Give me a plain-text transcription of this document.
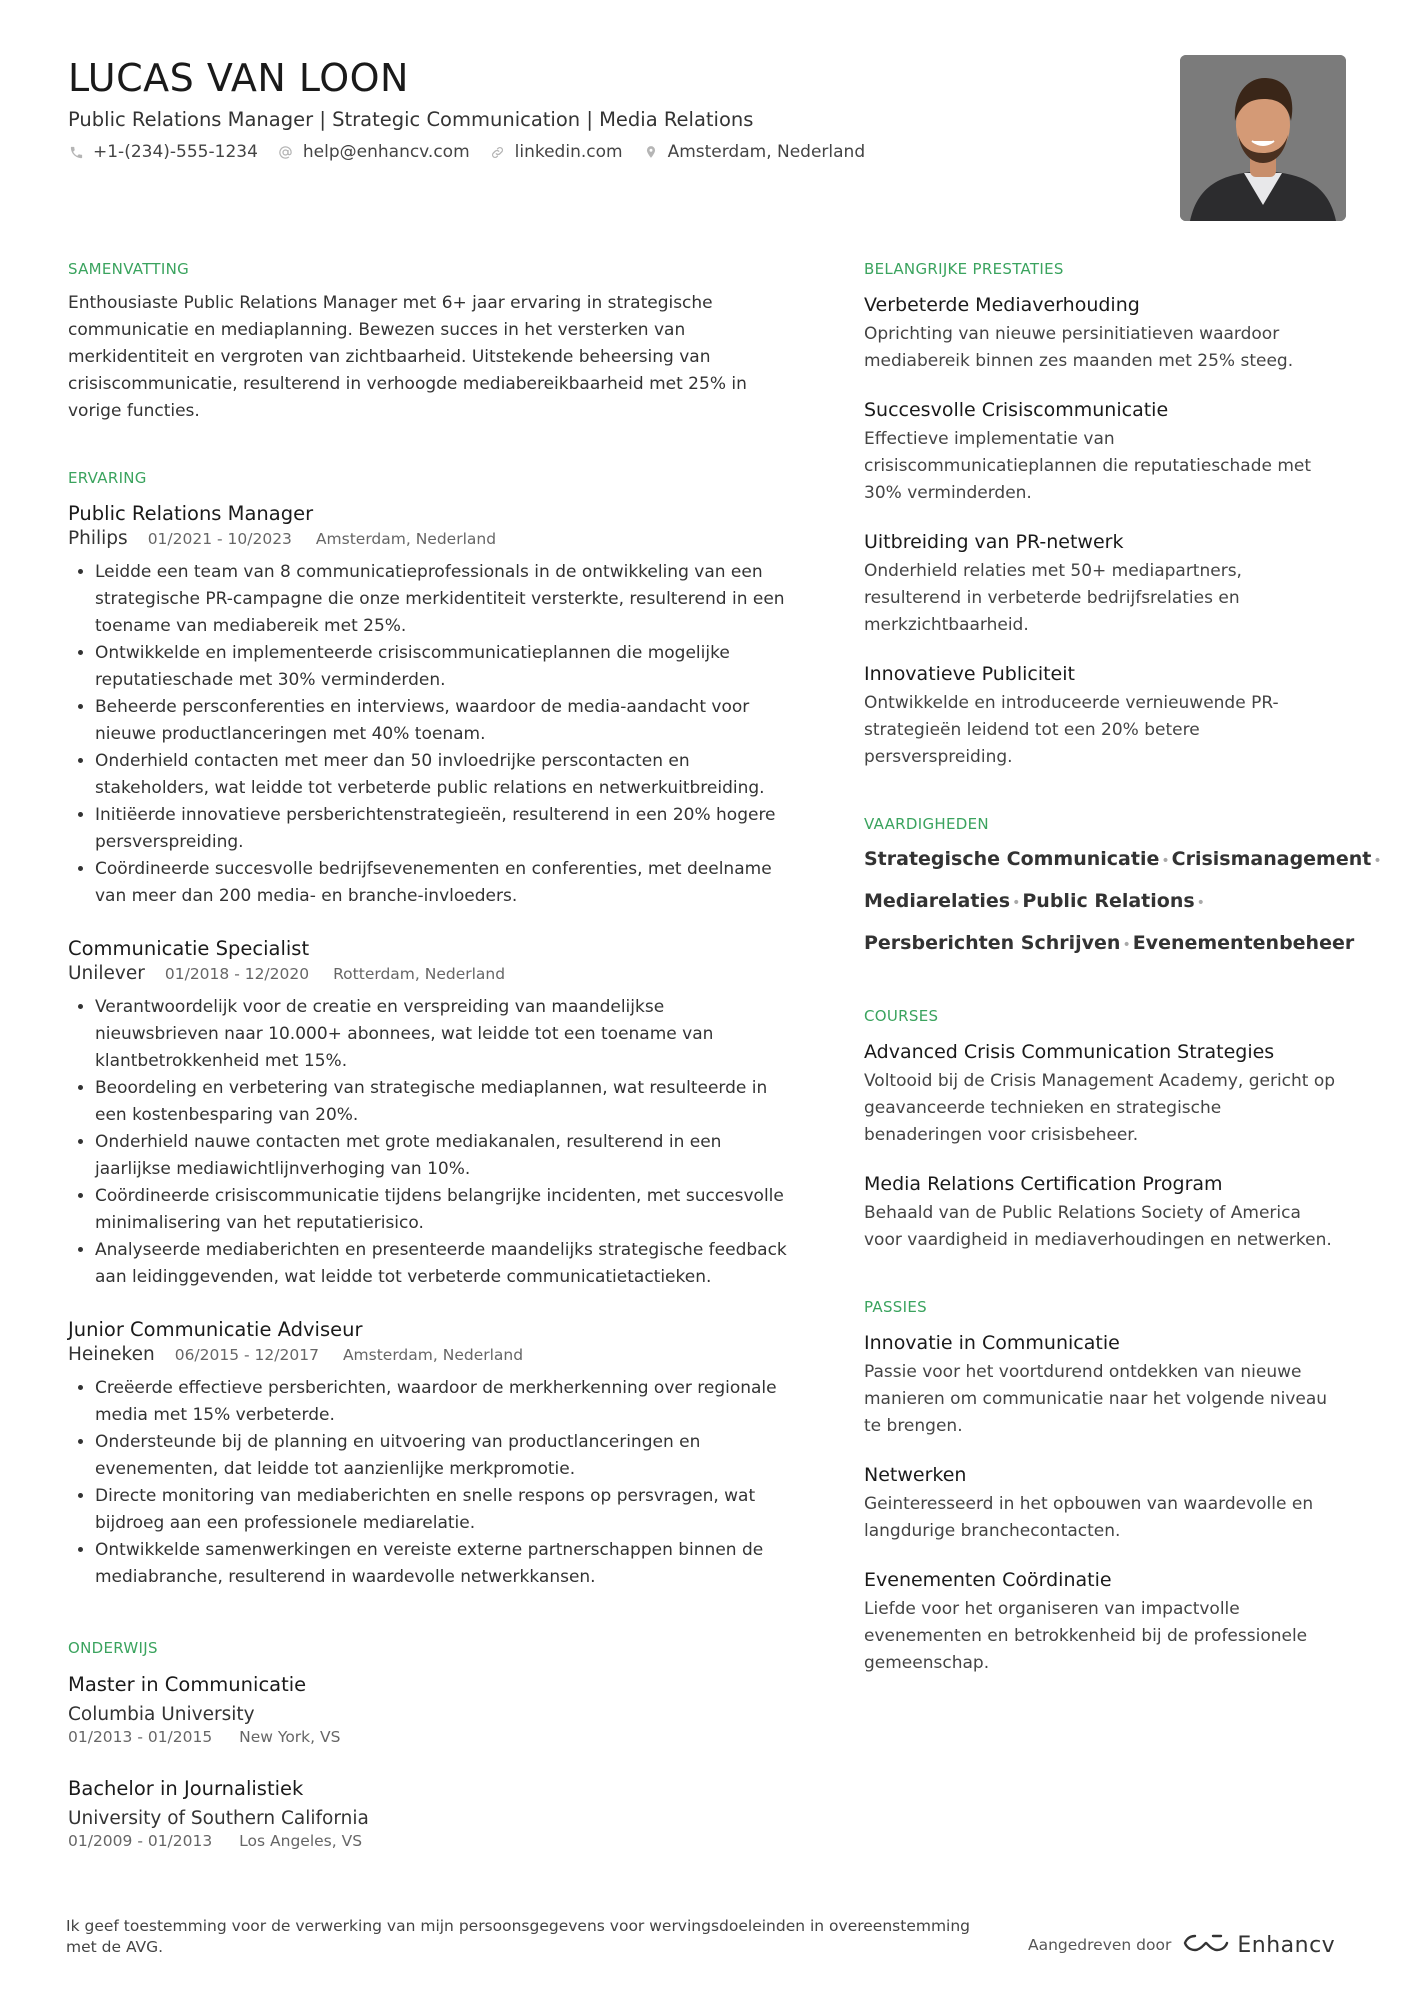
LUCAS VAN LOON
Public Relations Manager | Strategic Communication | Media Relations
+1-(234)-555-1234	help@enhancv.com	linkedin.com	Amsterdam, Nederland
SAMENVATTING
Enthousiaste Public Relations Manager met 6+ jaar ervaring in strategische communicatie en mediaplanning. Bewezen succes in het versterken van merkidentiteit en vergroten van zichtbaarheid. Uitstekende beheersing van crisiscommunicatie, resulterend in verhoogde mediabereikbaarheid met 25% in vorige functies.
ERVARING
Public Relations Manager
Philips 01/2021 - 10/2023 Amsterdam, Nederland
• Leidde een team van 8 communicatieprofessionals in de ontwikkeling van een strategische PR-campagne die onze merkidentiteit versterkte, resulterend in een toename van mediabereik met 25%.
• Ontwikkelde en implementeerde crisiscommunicatieplannen die mogelijke reputatieschade met 30% verminderden.
• Beheerde persconferenties en interviews, waardoor de media-aandacht voor nieuwe productlanceringen met 40% toenam.
• Onderhield contacten met meer dan 50 invloedrijke perscontacten en stakeholders, wat leidde tot verbeterde public relations en netwerkuitbreiding.
• Initiëerde innovatieve persberichtenstrategieën, resulterend in een 20% hogere persverspreiding.
• Coördineerde succesvolle bedrijfsevenementen en conferenties, met deelname van meer dan 200 media- en branche-invloeders.
Communicatie Specialist
Unilever 01/2018 - 12/2020 Rotterdam, Nederland
• Verantwoordelijk voor de creatie en verspreiding van maandelijkse nieuwsbrieven naar 10.000+ abonnees, wat leidde tot een toename van klantbetrokkenheid met 15%.
• Beoordeling en verbetering van strategische mediaplannen, wat resulteerde in een kostenbesparing van 20%.
• Onderhield nauwe contacten met grote mediakanalen, resulterend in een jaarlijkse mediawichtlijnverhoging van 10%.
• Coördineerde crisiscommunicatie tijdens belangrijke incidenten, met succesvolle minimalisering van het reputatierisico.
• Analyseerde mediaberichten en presenteerde maandelijks strategische feedback aan leidinggevenden, wat leidde tot verbeterde communicatietactieken.
Junior Communicatie Adviseur
Heineken 06/2015 - 12/2017 Amsterdam, Nederland
• Creëerde effectieve persberichten, waardoor de merkherkenning over regionale media met 15% verbeterde.
• Ondersteunde bij de planning en uitvoering van productlanceringen en evenementen, dat leidde tot aanzienlijke merkpromotie.
• Directe monitoring van mediaberichten en snelle respons op persvragen, wat bijdroeg aan een professionele mediarelatie.
• Ontwikkelde samenwerkingen en vereiste externe partnerschappen binnen de mediabranche, resulterend in waardevolle netwerkkansen.
ONDERWIJS
Master in Communicatie
Columbia University
01/2013 - 01/2015 New York, VS
Bachelor in Journalistiek
University of Southern California
01/2009 - 01/2013 Los Angeles, VS
BELANGRIJKE PRESTATIES
Verbeterde Mediaverhouding
Oprichting van nieuwe persinitiatieven waardoor mediabereik binnen zes maanden met 25% steeg.
Succesvolle Crisiscommunicatie
Effectieve implementatie van crisiscommunicatieplannen die reputatieschade met 30% verminderden.
Uitbreiding van PR-netwerk
Onderhield relaties met 50+ mediapartners, resulterend in verbeterde bedrijfsrelaties en merkzichtbaarheid.
Innovatieve Publiciteit
Ontwikkelde en introduceerde vernieuwende PR-strategieën leidend tot een 20% betere persverspreiding.
VAARDIGHEDEN
Strategische Communicatie • Crisismanagement •
Mediarelaties • Public Relations •
Persberichten Schrijven • Evenementenbeheer
COURSES
Advanced Crisis Communication Strategies
Voltooid bij de Crisis Management Academy, gericht op geavanceerde technieken en strategische benaderingen voor crisisbeheer.
Media Relations Certification Program
Behaald van de Public Relations Society of America voor vaardigheid in mediaverhoudingen en netwerken.
PASSIES
Innovatie in Communicatie
Passie voor het voortdurend ontdekken van nieuwe manieren om communicatie naar het volgende niveau te brengen.
Netwerken
Geinteresseerd in het opbouwen van waardevolle en langdurige branchecontacten.
Evenementen Coördinatie
Liefde voor het organiseren van impactvolle evenementen en betrokkenheid bij de professionele gemeenschap.
Ik geef toestemming voor de verwerking van mijn persoonsgegevens voor wervingsdoeleinden in overeenstemming met de AVG.	Aangedreven door	Enhancv
